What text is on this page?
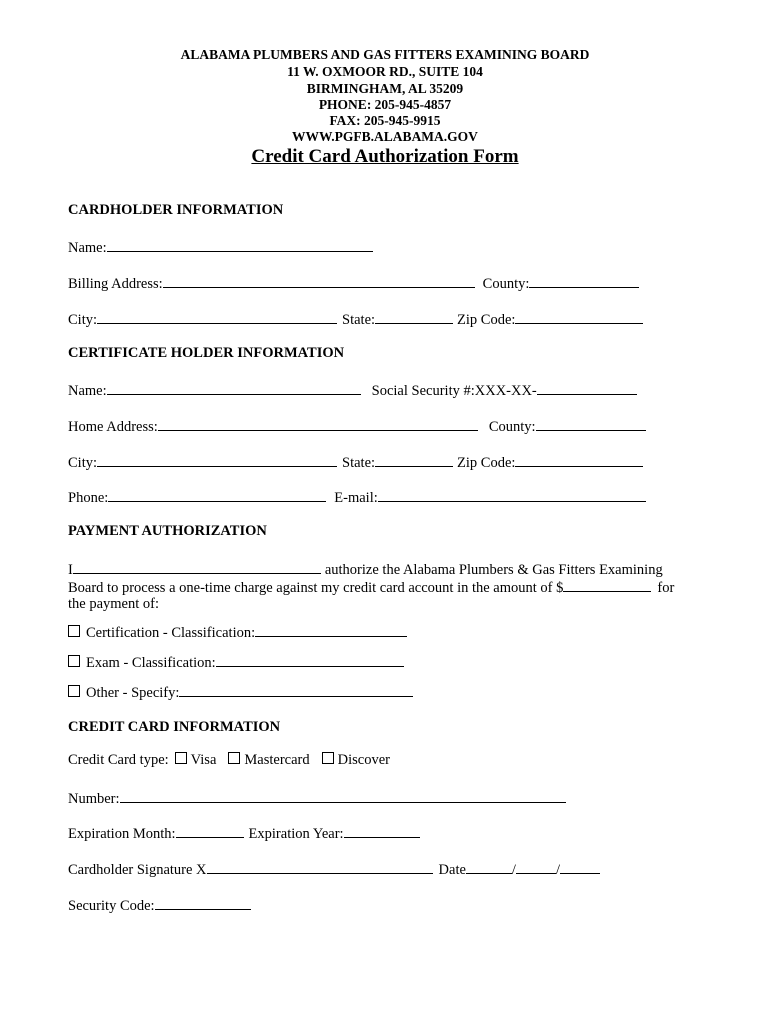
ALABAMA PLUMBERS AND GAS FITTERS EXAMINING BOARD
11 W. OXMOOR RD., SUITE 104
BIRMINGHAM, AL 35209
PHONE: 205-945-4857
FAX: 205-945-9915
WWW.PGFB.ALABAMA.GOV
Credit Card Authorization Form
CARDHOLDER INFORMATION
Name:
Billing Address:	County:
City:	State:	Zip Code:
CERTIFICATE HOLDER INFORMATION
Name:	Social Security #:XXX-XX-
Home Address:	County:
City:	State:	Zip Code:
Phone:	E-mail:
PAYMENT AUTHORIZATION
I	authorize the Alabama Plumbers & Gas Fitters Examining
Board to process a one-time charge against my credit card account in the amount of $	for
the payment of:
Certification - Classification:
Exam - Classification:
Other - Specify:
CREDIT CARD INFORMATION
Credit Card type: Visa Mastercard Discover
Number:
Expiration Month:	Expiration Year:
Cardholder Signature X	Date	/	/
Security Code:
